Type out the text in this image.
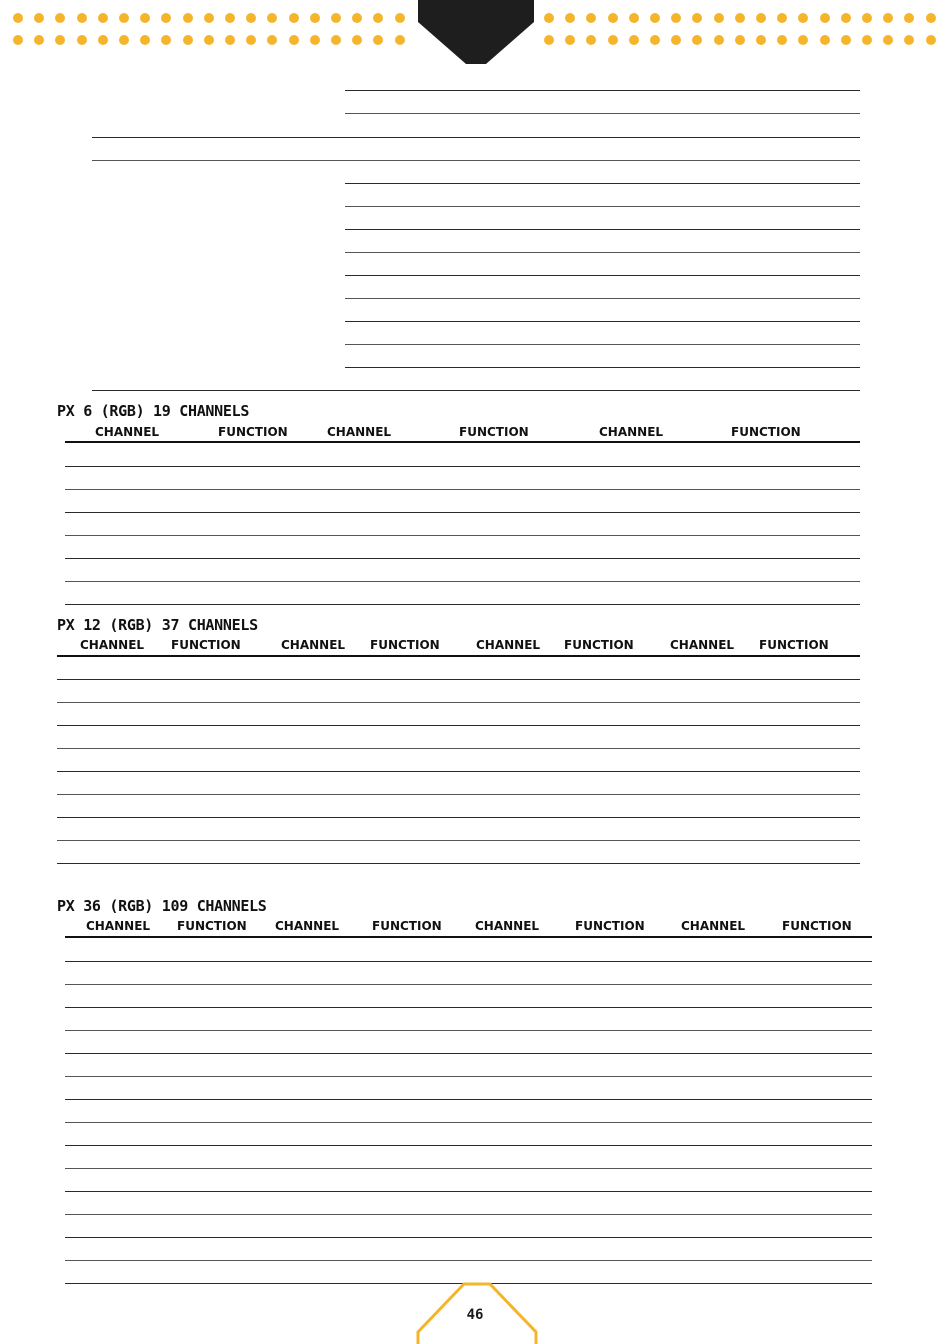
PX 6 (RGB) 19 CHANNELS
CHANNEL	FUNCTION	CHANNEL	FUNCTION	CHANNEL	FUNCTION
PX 12 (RGB) 37 CHANNELS
CHANNEL FUNCTION	CHANNEL FUNCTION	CHANNEL FUNCTION	CHANNEL FUNCTION
PX 36 (RGB) 109 CHANNELS
CHANNEL FUNCTION CHANNEL	FUNCTION	CHANNEL	FUNCTION	CHANNEL	FUNCTION
46
